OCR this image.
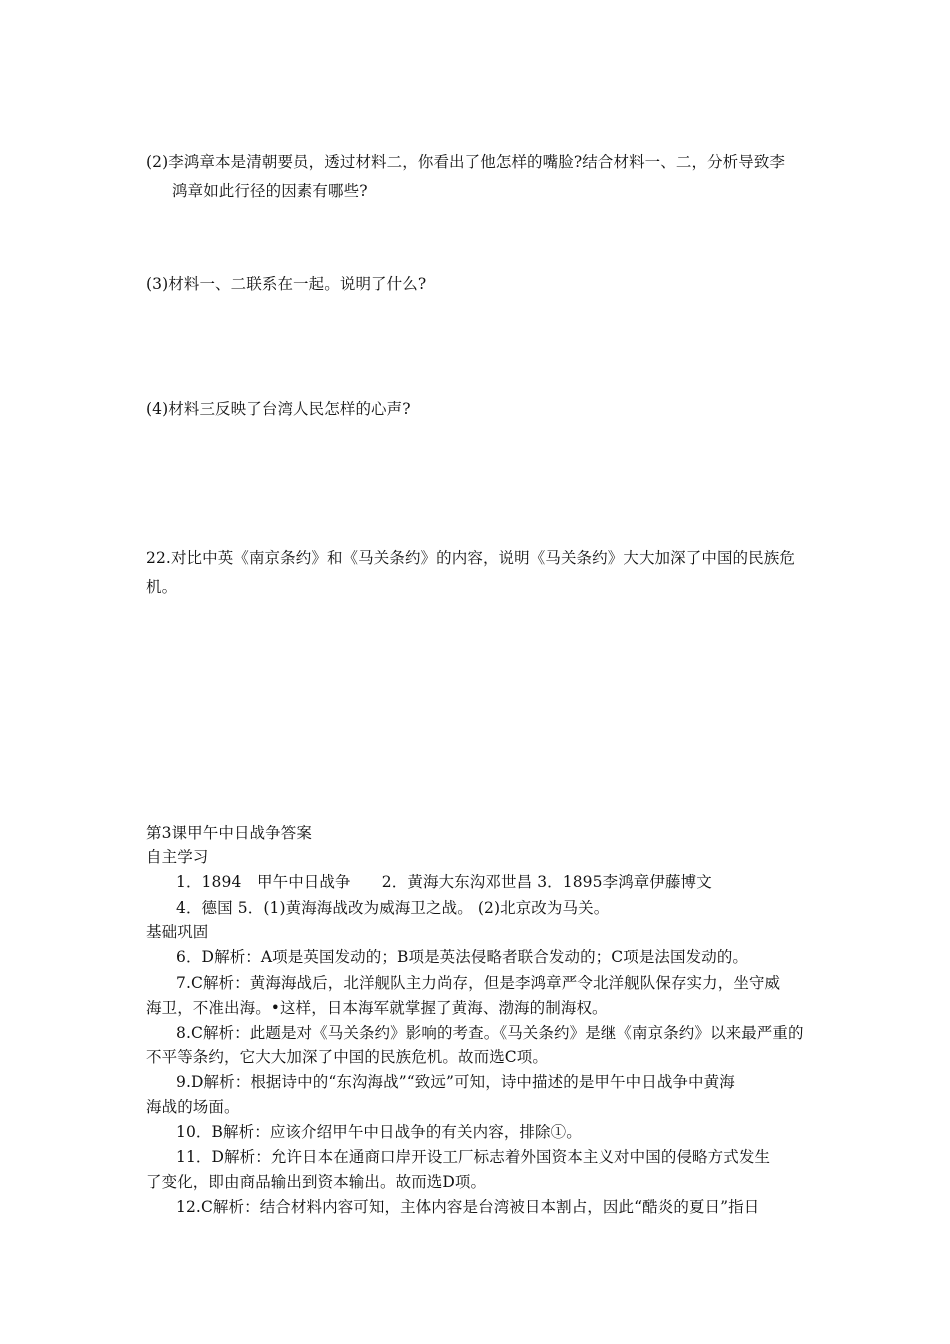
(2)李鸿章本是清朝要员，透过材料二，你看出了他怎样的嘴脸?结合材料一、二，分析导致李
鸿章如此行径的因素有哪些?
(3)材料一、二联系在一起。说明了什么?
(4)材料三反映了台湾人民怎样的心声?
22.对比中英《南京条约》和《马关条约》的内容，说明《马关条约》大大加深了中国的民族危
机。
第3课甲午中日战争答案
自主学习
1．1894　甲午中日战争　　2．黄海大东沟邓世昌 3．1895李鸿章伊藤博文
4．德国 5．(1)黄海海战改为威海卫之战。 (2)北京改为马关。
基础巩固
6．D解析：A项是英国发动的；B项是英法侵略者联合发动的；C项是法国发动的。
7.C解析：黄海海战后，北洋舰队主力尚存，但是李鸿章严令北洋舰队保存实力，坐守威
海卫，不准出海。•这样，日本海军就掌握了黄海、渤海的制海权。
8.C解析：此题是对《马关条约》影响的考查。《马关条约》是继《南京条约》以来最严重的
不平等条约，它大大加深了中国的民族危机。故而选C项。
9.D解析：根据诗中的“东沟海战”“致远”可知，诗中描述的是甲午中日战争中黄海
海战的场面。
10．B解析：应该介绍甲午中日战争的有关内容，排除①。
11．D解析：允许日本在通商口岸开设工厂标志着外国资本主义对中国的侵略方式发生
了变化，即由商品输出到资本输出。故而选D项。
12.C解析：结合材料内容可知，主体内容是台湾被日本割占，因此“酷炎的夏日”指日
